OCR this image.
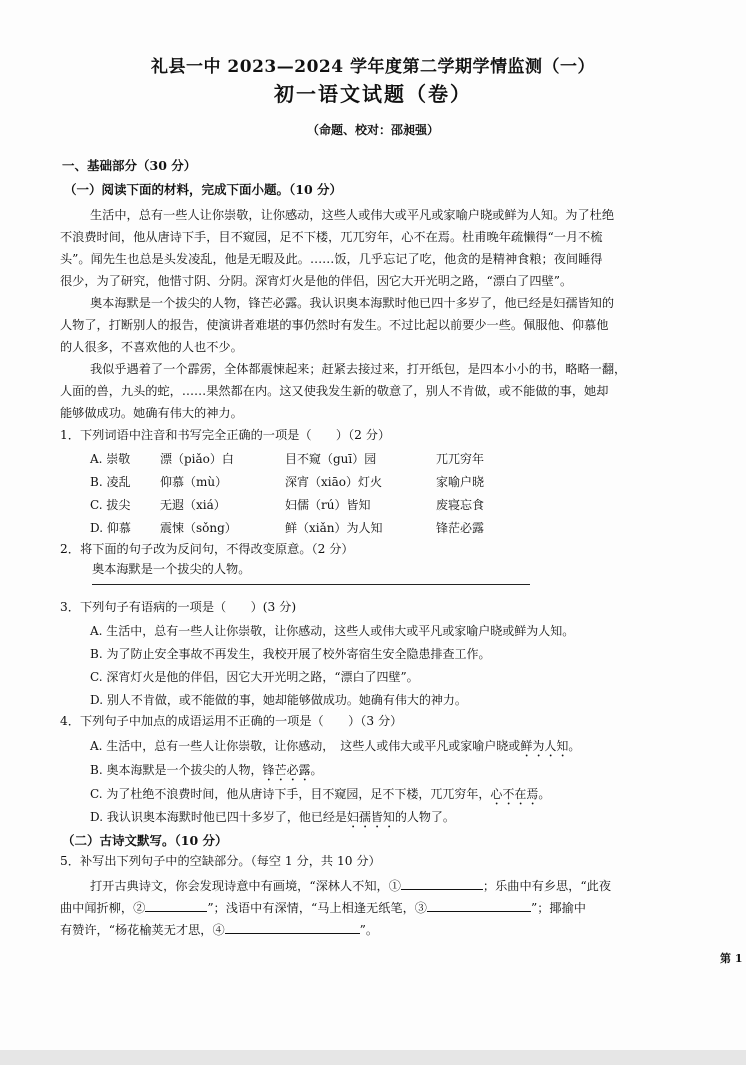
礼县一中 2023—2024 学年度第二学期学情监测（一）
初一语文试题（卷）
（命题、校对：邵昶强）
一、基础部分（30 分）
（一）阅读下面的材料，完成下面小题。（10 分）
生活中，总有一些人让你崇敬，让你感动，这些人或伟大或平凡或家喻户晓或鲜为人知。为了杜绝
不浪费时间，他从唐诗下手，目不窥园，足不下楼，兀兀穷年，心不在焉。杜甫晚年疏懒得“一月不梳
头”。闻先生也总是头发凌乱，他是无暇及此。……饭，几乎忘记了吃，他贪的是精神食粮；夜间睡得
很少，为了研究，他惜寸阴、分阴。深宵灯火是他的伴侣，因它大开光明之路，“漂白了四壁”。
奥本海默是一个拔尖的人物，锋芒必露。我认识奥本海默时他已四十多岁了，他已经是妇孺皆知的
人物了，打断别人的报告，使演讲者难堪的事仍然时有发生。不过比起以前要少一些。佩服他、仰慕他
的人很多，不喜欢他的人也不少。
我似乎遇着了一个霹雳，全体都震悚起来；赶紧去接过来，打开纸包，是四本小小的书，略略一翻，
人面的兽，九头的蛇，……果然都在内。这又使我发生新的敬意了，别人不肯做，或不能做的事，她却
能够做成功。她确有伟大的神力。
1．下列词语中注音和书写完全正确的一项是（　　）（2 分）
A. 崇敬 漂（piǎo）白	目不窥（guī）园	兀兀穷年
B. 凌乱 仰慕（mù）	深宵（xiāo）灯火	家喻户晓
C. 拔尖 无遐（xiá）	妇儒（rú）皆知	废寝忘食
D. 仰慕 震悚（sǒng）	鲜（xiǎn）为人知	锋茫必露
2．将下面的句子改为反问句，不得改变原意。（2 分）
奥本海默是一个拔尖的人物。
3．下列句子有语病的一项是（　　）(3 分)
A. 生活中，总有一些人让你崇敬，让你感动，这些人或伟大或平凡或家喻户晓或鲜为人知。
B. 为了防止安全事故不再发生，我校开展了校外寄宿生安全隐患排查工作。
C. 深宵灯火是他的伴侣，因它大开光明之路，“漂白了四壁”。
D. 别人不肯做，或不能做的事，她却能够做成功。她确有伟大的神力。
4．下列句子中加点的成语运用不正确的一项是（　　）（3 分）
A. 生活中，总有一些人让你崇敬，让你感动，　这些人或伟大或平凡或家喻户晓或鲜为人知。
B. 奥本海默是一个拔尖的人物，锋芒必露。
C. 为了杜绝不浪费时间，他从唐诗下手，目不窥园，足不下楼，兀兀穷年，心不在焉。
D. 我认识奥本海默时他已四十多岁了，他已经是妇孺皆知的人物了。
（二）古诗文默写。（10 分）
5．补写出下列句子中的空缺部分。（每空 1 分，共 10 分）
打开古典诗文，你会发现诗意中有画境，“深林人不知，①	；乐曲中有乡思，“此夜
曲中闻折柳，②	”；浅语中有深情，“马上相逢无纸笔，③	”；揶揄中
有赞许，“杨花榆荚无才思，④	”。
第 1
